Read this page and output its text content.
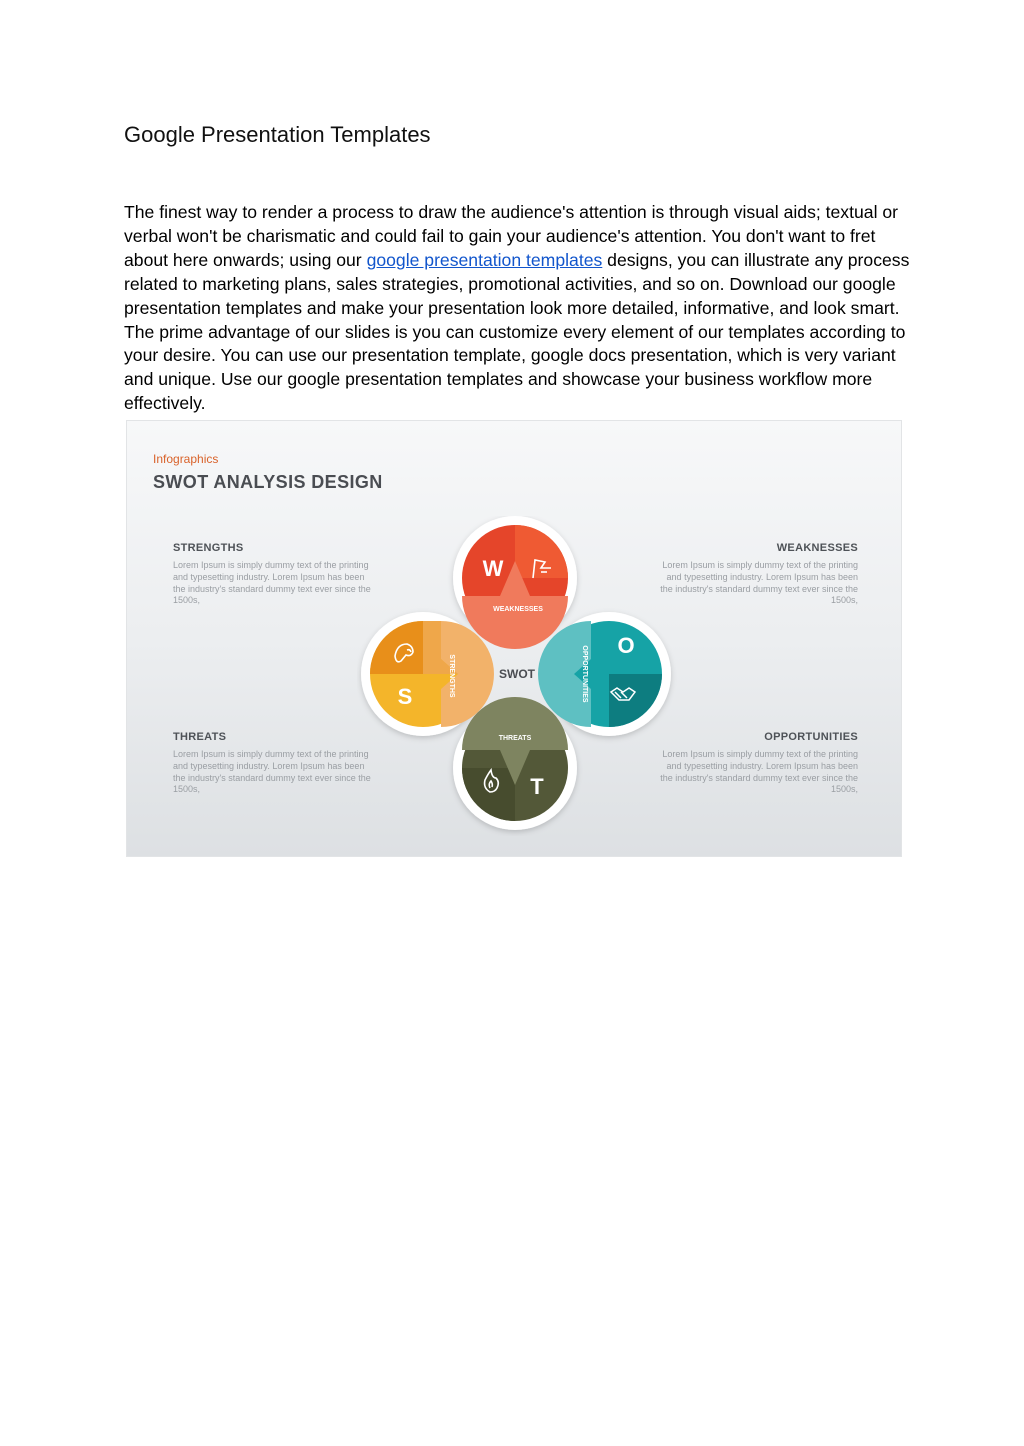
Google Presentation Templates

The finest way to render a process to draw the audience's attention is through visual aids; textual or verbal won't be charismatic and could fail to gain your audience's attention. You don't want to fret about here onwards; using our google presentation templates designs, you can illustrate any process related to marketing plans, sales strategies, promotional activities, and so on. Download our google presentation templates and make your presentation look more detailed, informative, and look smart. The prime advantage of our slides is you can customize every element of our templates according to your desire. You can use our presentation template, google docs presentation, which is very variant and unique. Use our google presentation templates and showcase your business workflow more effectively.

Infographics
SWOT ANALYSIS DESIGN
STRENGTHS
Lorem Ipsum is simply dummy text of the printing and typesetting industry. Lorem Ipsum has been the industry's standard dummy text ever since the 1500s,
WEAKNESSES
Lorem Ipsum is simply dummy text of the printing and typesetting industry. Lorem Ipsum has been the industry's standard dummy text ever since the 1500s,
THREATS
Lorem Ipsum is simply dummy text of the printing and typesetting industry. Lorem Ipsum has been the industry's standard dummy text ever since the 1500s,
OPPORTUNITIES
Lorem Ipsum is simply dummy text of the printing and typesetting industry. Lorem Ipsum has been the industry's standard dummy text ever since the 1500s,
W
WEAKNESSES
S	STRENGTHS
O
OPPORTUNITIES
T
THREATS
SWOT
